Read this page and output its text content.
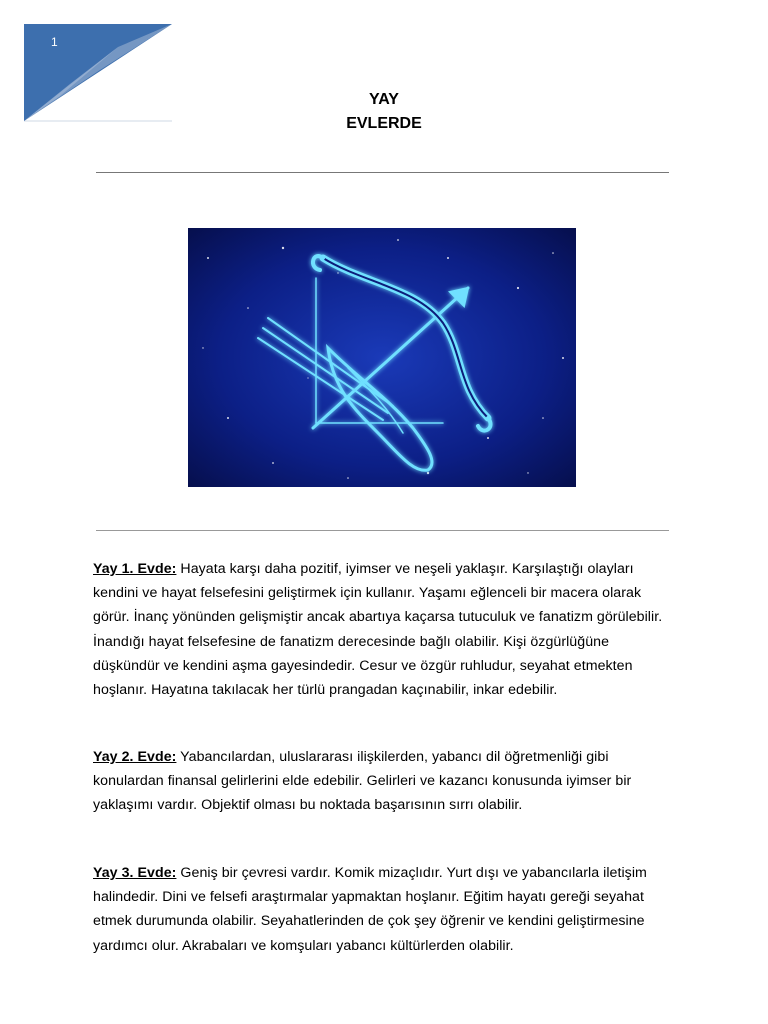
1
YAY
EVLERDE

Yay 1. Evde: Hayata karşı daha pozitif, iyimser ve neşeli yaklaşır. Karşılaştığı olayları kendini ve hayat felsefesini geliştirmek için kullanır. Yaşamı eğlenceli bir macera olarak görür. İnanç yönünden gelişmiştir ancak abartıya kaçarsa tutuculuk ve fanatizm görülebilir. İnandığı hayat felsefesine de fanatizm derecesinde bağlı olabilir. Kişi özgürlüğüne düşkündür ve kendini aşma gayesindedir. Cesur ve özgür ruhludur, seyahat etmekten hoşlanır. Hayatına takılacak her türlü prangadan kaçınabilir, inkar edebilir.

Yay 2. Evde: Yabancılardan, uluslararası ilişkilerden, yabancı dil öğretmenliği gibi konulardan finansal gelirlerini elde edebilir. Gelirleri ve kazancı konusunda iyimser bir yaklaşımı vardır. Objektif olması bu noktada başarısının sırrı olabilir.

Yay 3. Evde: Geniş bir çevresi vardır. Komik mizaçlıdır. Yurt dışı ve yabancılarla iletişim halindedir. Dini ve felsefi araştırmalar yapmaktan hoşlanır. Eğitim hayatı gereği seyahat etmek durumunda olabilir. Seyahatlerinden de çok şey öğrenir ve kendini geliştirmesine yardımcı olur. Akrabaları ve komşuları yabancı kültürlerden olabilir.
